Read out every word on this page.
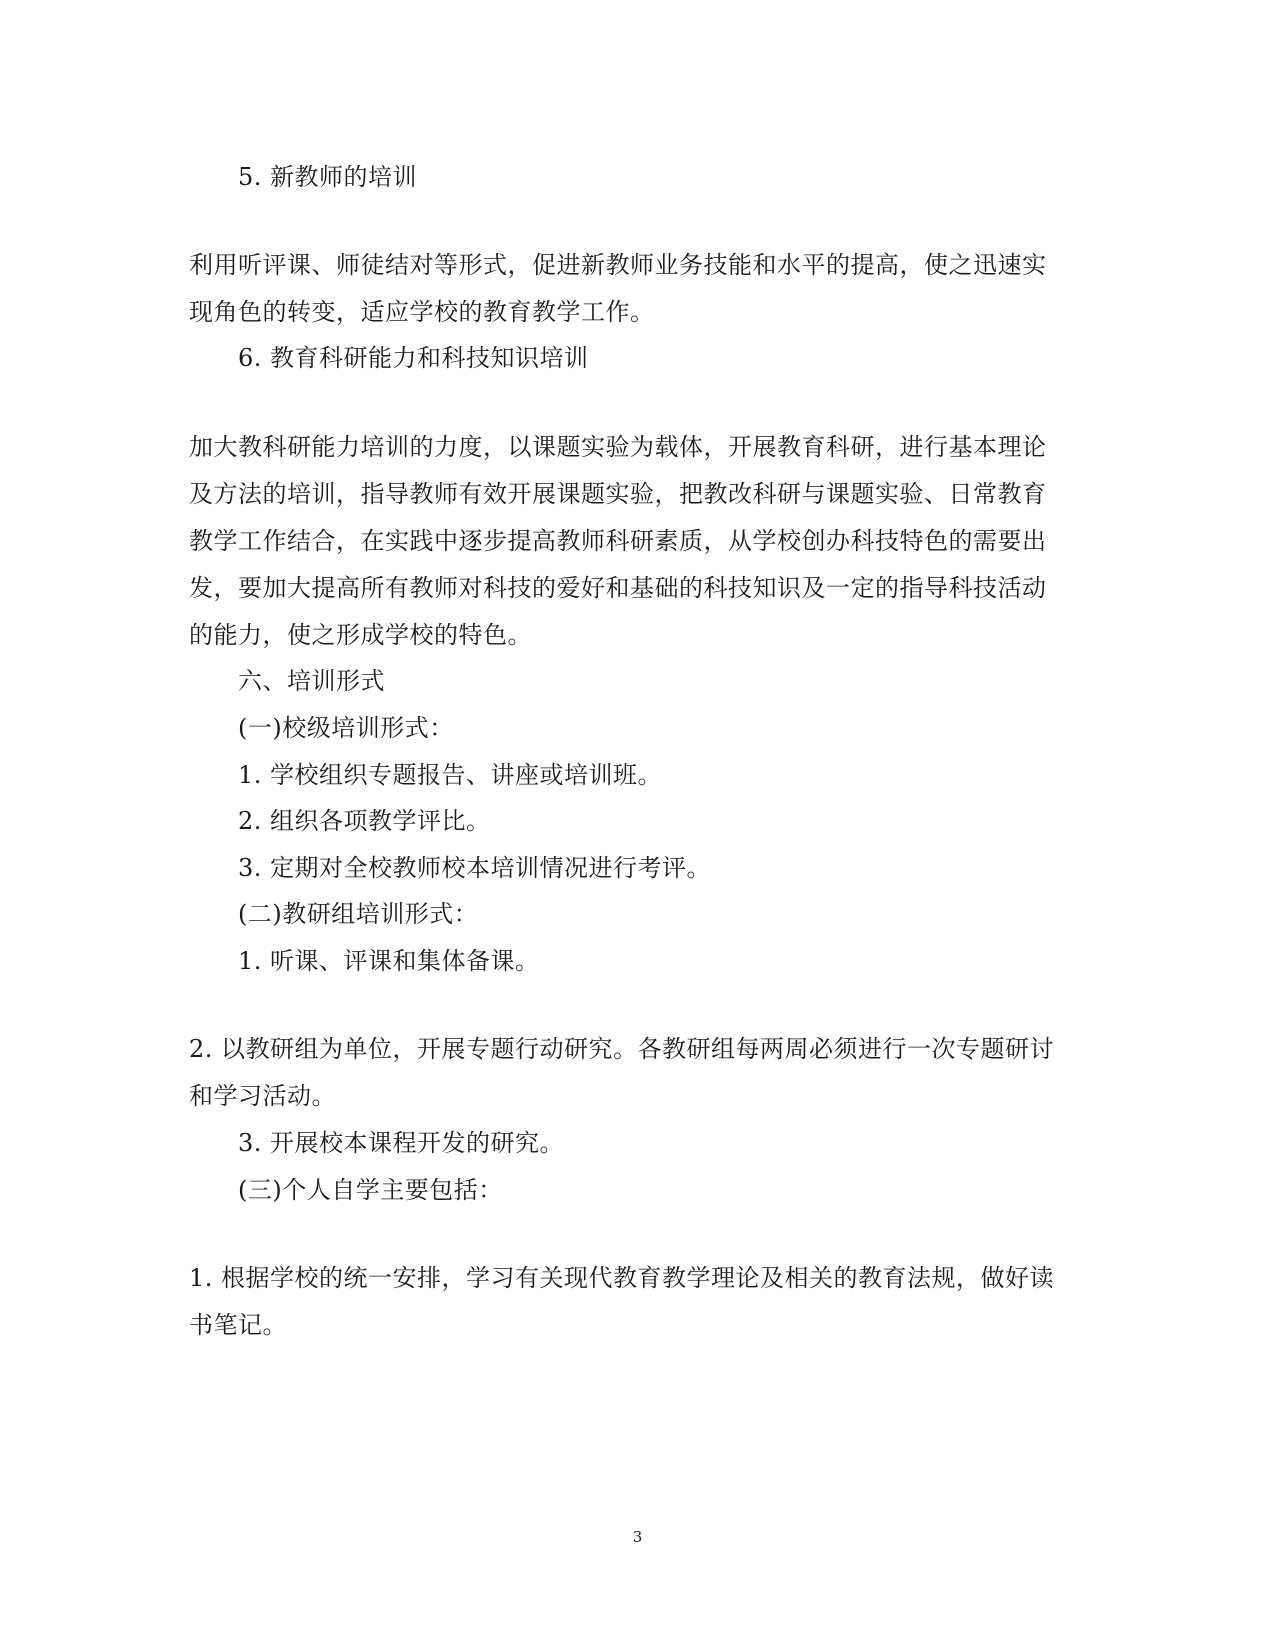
5. 新教师的培训
利用听评课、师徒结对等形式，促进新教师业务技能和水平的提高，使之迅速实
现角色的转变，适应学校的教育教学工作。
6. 教育科研能力和科技知识培训
加大教科研能力培训的力度，以课题实验为载体，开展教育科研，进行基本理论
及方法的培训，指导教师有效开展课题实验，把教改科研与课题实验、日常教育
教学工作结合，在实践中逐步提高教师科研素质，从学校创办科技特色的需要出
发，要加大提高所有教师对科技的爱好和基础的科技知识及一定的指导科技活动
的能力，使之形成学校的特色。
六、培训形式
(一)校级培训形式：
1. 学校组织专题报告、讲座或培训班。
2. 组织各项教学评比。
3. 定期对全校教师校本培训情况进行考评。
(二)教研组培训形式：
1. 听课、评课和集体备课。
2. 以教研组为单位，开展专题行动研究。各教研组每两周必须进行一次专题研讨
和学习活动。
3. 开展校本课程开发的研究。
(三)个人自学主要包括：
1. 根据学校的统一安排，学习有关现代教育教学理论及相关的教育法规，做好读
书笔记。
3
